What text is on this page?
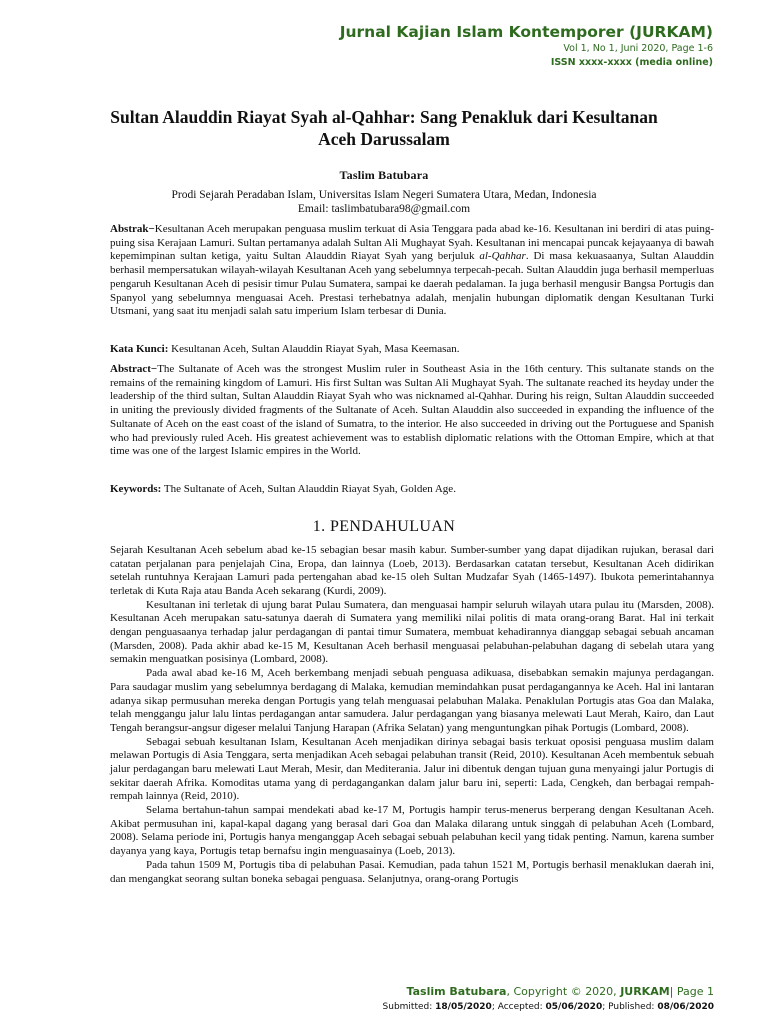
Jurnal Kajian Islam Kontemporer (JURKAM)
Vol 1, No 1, Juni 2020, Page 1-6
ISSN xxxx-xxxx (media online)
Sultan Alauddin Riayat Syah al-Qahhar: Sang Penakluk dari Kesultanan Aceh Darussalam
Taslim Batubara
Prodi Sejarah Peradaban Islam, Universitas Islam Negeri Sumatera Utara, Medan, Indonesia
Email: taslimbatubara98@gmail.com
Abstrak−Kesultanan Aceh merupakan penguasa muslim terkuat di Asia Tenggara pada abad ke-16. Kesultanan ini berdiri di atas puing-puing sisa Kerajaan Lamuri. Sultan pertamanya adalah Sultan Ali Mughayat Syah. Kesultanan ini mencapai puncak kejayaanya di bawah kepemimpinan sultan ketiga, yaitu Sultan Alauddin Riayat Syah yang berjuluk al-Qahhar. Di masa kekuasaanya, Sultan Alauddin berhasil mempersatukan wilayah-wilayah Kesultanan Aceh yang sebelumnya terpecah-pecah. Sultan Alauddin juga berhasil memperluas pengaruh Kesultanan Aceh di pesisir timur Pulau Sumatera, sampai ke daerah pedalaman. Ia juga berhasil mengusir Bangsa Portugis dan Spanyol yang sebelumnya menguasai Aceh. Prestasi terhebatnya adalah, menjalin hubungan diplomatik dengan Kesultanan Turki Utsmani, yang saat itu menjadi salah satu imperium Islam terbesar di Dunia.
Kata Kunci: Kesultanan Aceh, Sultan Alauddin Riayat Syah, Masa Keemasan.
Abstract−The Sultanate of Aceh was the strongest Muslim ruler in Southeast Asia in the 16th century. This sultanate stands on the remains of the remaining kingdom of Lamuri. His first Sultan was Sultan Ali Mughayat Syah. The sultanate reached its heyday under the leadership of the third sultan, Sultan Alauddin Riayat Syah who was nicknamed al-Qahhar. During his reign, Sultan Alauddin succeeded in uniting the previously divided fragments of the Sultanate of Aceh. Sultan Alauddin also succeeded in expanding the influence of the Sultanate of Aceh on the east coast of the island of Sumatra, to the interior. He also succeeded in driving out the Portuguese and Spanish who had previously ruled Aceh. His greatest achievement was to establish diplomatic relations with the Ottoman Empire, which at that time was one of the largest Islamic empires in the World.
Keywords: The Sultanate of Aceh, Sultan Alauddin Riayat Syah, Golden Age.
1. PENDAHULUAN

Sejarah Kesultanan Aceh sebelum abad ke-15 sebagian besar masih kabur. Sumber-sumber yang dapat dijadikan rujukan, berasal dari catatan perjalanan para penjelajah Cina, Eropa, dan lainnya (Loeb, 2013). Berdasarkan catatan tersebut, Kesultanan Aceh didirikan setelah runtuhnya Kerajaan Lamuri pada pertengahan abad ke-15 oleh Sultan Mudzafar Syah (1465-1497). Ibukota pemerintahannya terletak di Kuta Raja atau Banda Aceh sekarang (Kurdi, 2009).

Kesultanan ini terletak di ujung barat Pulau Sumatera, dan menguasai hampir seluruh wilayah utara pulau itu (Marsden, 2008). Kesultanan Aceh merupakan satu-satunya daerah di Sumatera yang memiliki nilai politis di mata orang-orang Barat. Hal ini terkait dengan penguasaanya terhadap jalur perdagangan di pantai timur Sumatera, membuat kehadirannya dianggap sebagai sebuah ancaman (Marsden, 2008). Pada akhir abad ke-15 M, Kesultanan Aceh berhasil menguasai pelabuhan-pelabuhan dagang di sebelah utara yang semakin menguatkan posisinya (Lombard, 2008).

Pada awal abad ke-16 M, Aceh berkembang menjadi sebuah penguasa adikuasa, disebabkan semakin majunya perdagangan. Para saudagar muslim yang sebelumnya berdagang di Malaka, kemudian memindahkan pusat perdagangannya ke Aceh. Hal ini lantaran adanya sikap permusuhan mereka dengan Portugis yang telah menguasai pelabuhan Malaka. Penaklulan Portugis atas Goa dan Malaka, telah menggangu jalur lalu lintas perdagangan antar samudera. Jalur perdagangan yang biasanya melewati Laut Merah, Kairo, dan Laut Tengah berangsur-angsur digeser melalui Tanjung Harapan (Afrika Selatan) yang menguntungkan pihak Portugis (Lombard, 2008).

Sebagai sebuah kesultanan Islam, Kesultanan Aceh menjadikan dirinya sebagai basis terkuat oposisi penguasa muslim dalam melawan Portugis di Asia Tenggara, serta menjadikan Aceh sebagai pelabuhan transit (Reid, 2010). Kesultanan Aceh membentuk sebuah jalur perdagangan baru melewati Laut Merah, Mesir, dan Mediterania. Jalur ini dibentuk dengan tujuan guna menyaingi jalur Portugis di sekitar daerah Afrika. Komoditas utama yang di perdagangankan dalam jalur baru ini, seperti: Lada, Cengkeh, dan berbagai rempah-rempah lainnya (Reid, 2010).

Selama bertahun-tahun sampai mendekati abad ke-17 M, Portugis hampir terus-menerus berperang dengan Kesultanan Aceh. Akibat permusuhan ini, kapal-kapal dagang yang berasal dari Goa dan Malaka dilarang untuk singgah di pelabuhan Aceh (Lombard, 2008). Selama periode ini, Portugis hanya menganggap Aceh sebagai sebuah pelabuhan kecil yang tidak penting. Namun, karena sumber dayanya yang kaya, Portugis tetap bernafsu ingin menguasainya (Loeb, 2013).

Pada tahun 1509 M, Portugis tiba di pelabuhan Pasai. Kemudian, pada tahun 1521 M, Portugis berhasil menaklukan daerah ini, dan mengangkat seorang sultan boneka sebagai penguasa. Selanjutnya, orang-orang Portugis

Taslim Batubara, Copyright © 2020, JURKAM| Page 1
Submitted: 18/05/2020; Accepted: 05/06/2020; Published: 08/06/2020
